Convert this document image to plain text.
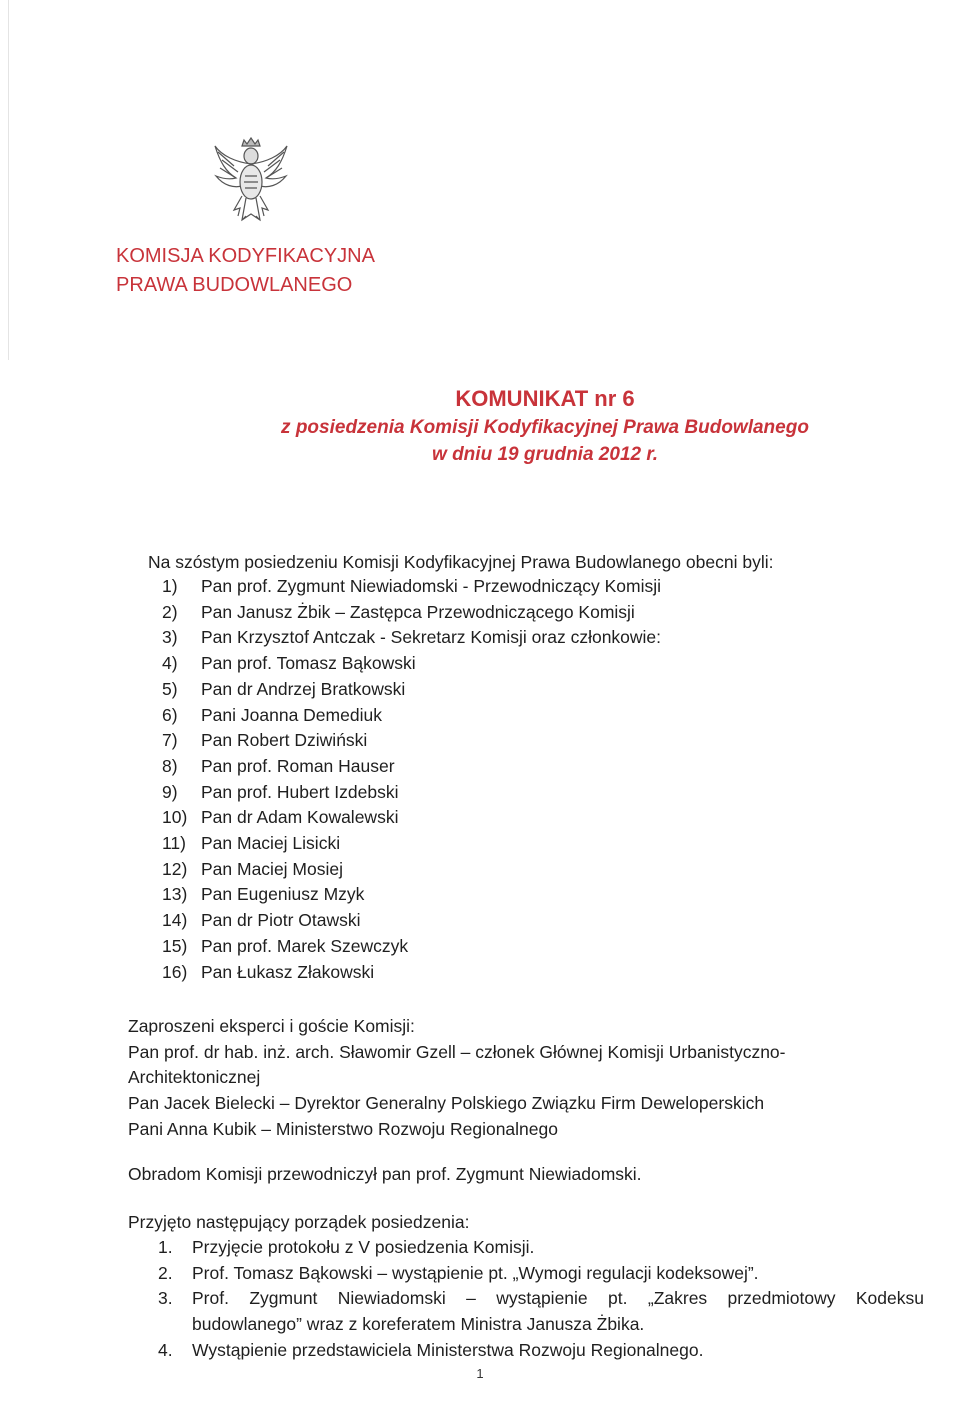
KOMISJA KODYFIKACYJNA
PRAWA BUDOWLANEGO
KOMUNIKAT nr 6
z posiedzenia Komisji Kodyfikacyjnej Prawa Budowlanego
w dniu 19 grudnia 2012 r.
Na szóstym posiedzeniu Komisji Kodyfikacyjnej Prawa Budowlanego obecni byli:
1)	Pan prof. Zygmunt Niewiadomski - Przewodniczący Komisji
2)	Pan Janusz Żbik – Zastępca Przewodniczącego Komisji
3)	Pan Krzysztof Antczak - Sekretarz Komisji oraz członkowie:
4)	Pan prof. Tomasz Bąkowski
5)	Pan dr Andrzej Bratkowski
6)	Pani Joanna Demediuk
7)	Pan Robert Dziwiński
8)	Pan prof. Roman Hauser
9)	Pan prof. Hubert Izdebski
10) Pan dr Adam Kowalewski
11) Pan Maciej Lisicki
12) Pan Maciej Mosiej
13) Pan Eugeniusz Mzyk
14) Pan dr Piotr Otawski
15) Pan prof. Marek Szewczyk
16) Pan Łukasz Złakowski

Zaproszeni eksperci i goście Komisji:

Pan prof. dr hab. inż. arch. Sławomir Gzell – członek Głównej Komisji Urbanistyczno-Architektonicznej

Pan Jacek Bielecki – Dyrektor Generalny Polskiego Związku Firm Deweloperskich

Pani Anna Kubik – Ministerstwo Rozwoju Regionalnego

Obradom Komisji przewodniczył pan prof. Zygmunt Niewiadomski.

Przyjęto następujący porządek posiedzenia:

1.	Przyjęcie protokołu z V posiedzenia Komisji.
2.	Prof. Tomasz Bąkowski – wystąpienie pt. „Wymogi regulacji kodeksowej”.
3.	Prof. Zygmunt Niewiadomski – wystąpienie pt. „Zakres przedmiotowy Kodeksu
budowlanego” wraz z koreferatem Ministra Janusza Żbika.
4.	Wystąpienie przedstawiciela Ministerstwa Rozwoju Regionalnego.
1
